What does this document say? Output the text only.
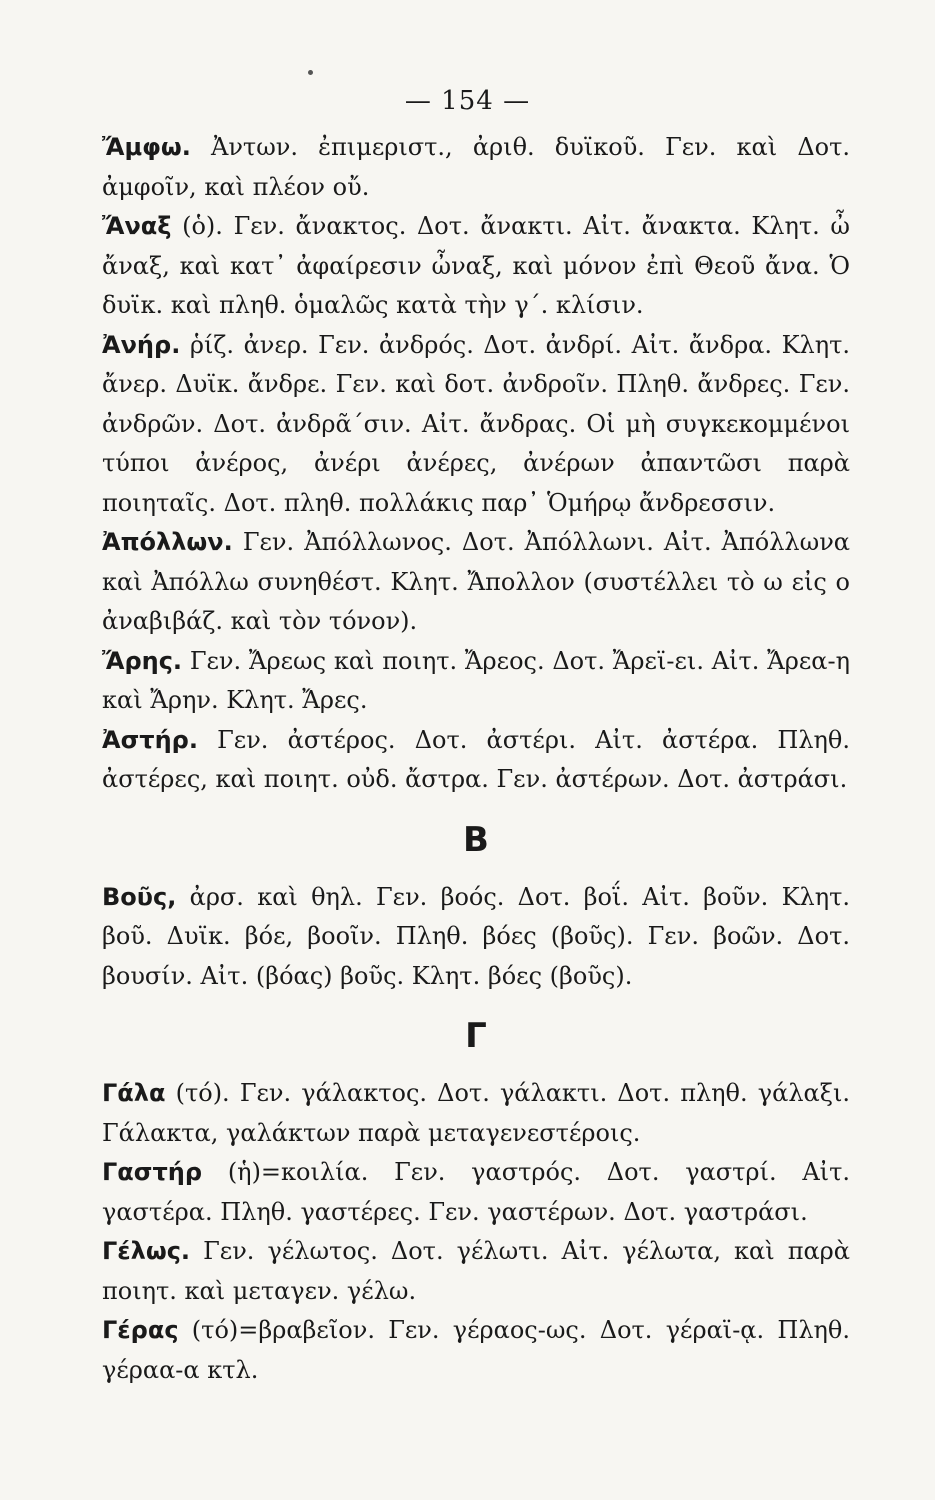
— 154 —

Ἄμφω. Ἀντων. ἐπιμεριστ., ἀριθ. δυϊκοῦ. Γεν. καὶ Δοτ. ἀμφοῖν, καὶ πλέον οὔ.

Ἄναξ (ὁ). Γεν. ἄνακτος. Δοτ. ἄνακτι. Αἰτ. ἄνακτα. Κλητ. ὦ ἄναξ, καὶ κατ᾽ ἀφαίρεσιν ὦναξ, καὶ μόνον ἐπὶ Θεοῦ ἄνα. Ὁ δυϊκ. καὶ πληθ. ὁμαλῶς κατὰ τὴν γ΄. κλίσιν.

Ἀνήρ. ῥίζ. ἀνερ. Γεν. ἀνδρός. Δοτ. ἀνδρί. Αἰτ. ἄνδρα. Κλητ. ἄνερ. Δυϊκ. ἄνδρε. Γεν. καὶ δοτ. ἀνδροῖν. Πληθ. ἄνδρες. Γεν. ἀνδρῶν. Δοτ. ἀνδρᾶ´σιν. Αἰτ. ἄνδρας. Οἱ μὴ συγκεκομμένοι τύποι ἀνέρος, ἀνέρι ἀνέρες, ἀνέρων ἀπαντῶσι παρὰ ποιηταῖς. Δοτ. πληθ. πολλάκις παρ᾽ Ὁμήρῳ ἄνδρεσσιν.

Ἀπόλλων. Γεν. Ἀπόλλωνος. Δοτ. Ἀπόλλωνι. Αἰτ. Ἀπόλλωνα καὶ Ἀπόλλω συνηθέστ. Κλητ. Ἄπολλον (συστέλλει τὸ ω εἰς ο ἀναβιβάζ. καὶ τὸν τόνον).

Ἄρης. Γεν. Ἄρεως καὶ ποιητ. Ἄρεος. Δοτ. Ἄρεϊ-ει. Αἰτ. Ἄρεα-η καὶ Ἄρην. Κλητ. Ἄρες.

Ἀστήρ. Γεν. ἀστέρος. Δοτ. ἀστέρι. Αἰτ. ἀστέρα. Πληθ. ἀστέρες, καὶ ποιητ. οὐδ. ἄστρα. Γεν. ἀστέρων. Δοτ. ἀστράσι.

B

Βοῦς, ἀρσ. καὶ θηλ. Γεν. βοός. Δοτ. βοΐ. Αἰτ. βοῦν. Κλητ. βοῦ. Δυϊκ. βόε, βοοῖν. Πληθ. βόες (βοῦς). Γεν. βοῶν. Δοτ. βουσίν. Αἰτ. (βόας) βοῦς. Κλητ. βόες (βοῦς).

Γ

Γάλα (τό). Γεν. γάλακτος. Δοτ. γάλακτι. Δοτ. πληθ. γάλαξι. Γάλακτα, γαλάκτων παρὰ μεταγενεστέροις.

Γαστήρ (ἡ)=κοιλία. Γεν. γαστρός. Δοτ. γαστρί. Αἰτ. γαστέρα. Πληθ. γαστέρες. Γεν. γαστέρων. Δοτ. γαστράσι.

Γέλως. Γεν. γέλωτος. Δοτ. γέλωτι. Αἰτ. γέλωτα, καὶ παρὰ ποιητ. καὶ μεταγεν. γέλω.

Γέρας (τό)=βραβεῖον. Γεν. γέραος-ως. Δοτ. γέραϊ-ᾳ. Πληθ. γέραα-α κτλ.
